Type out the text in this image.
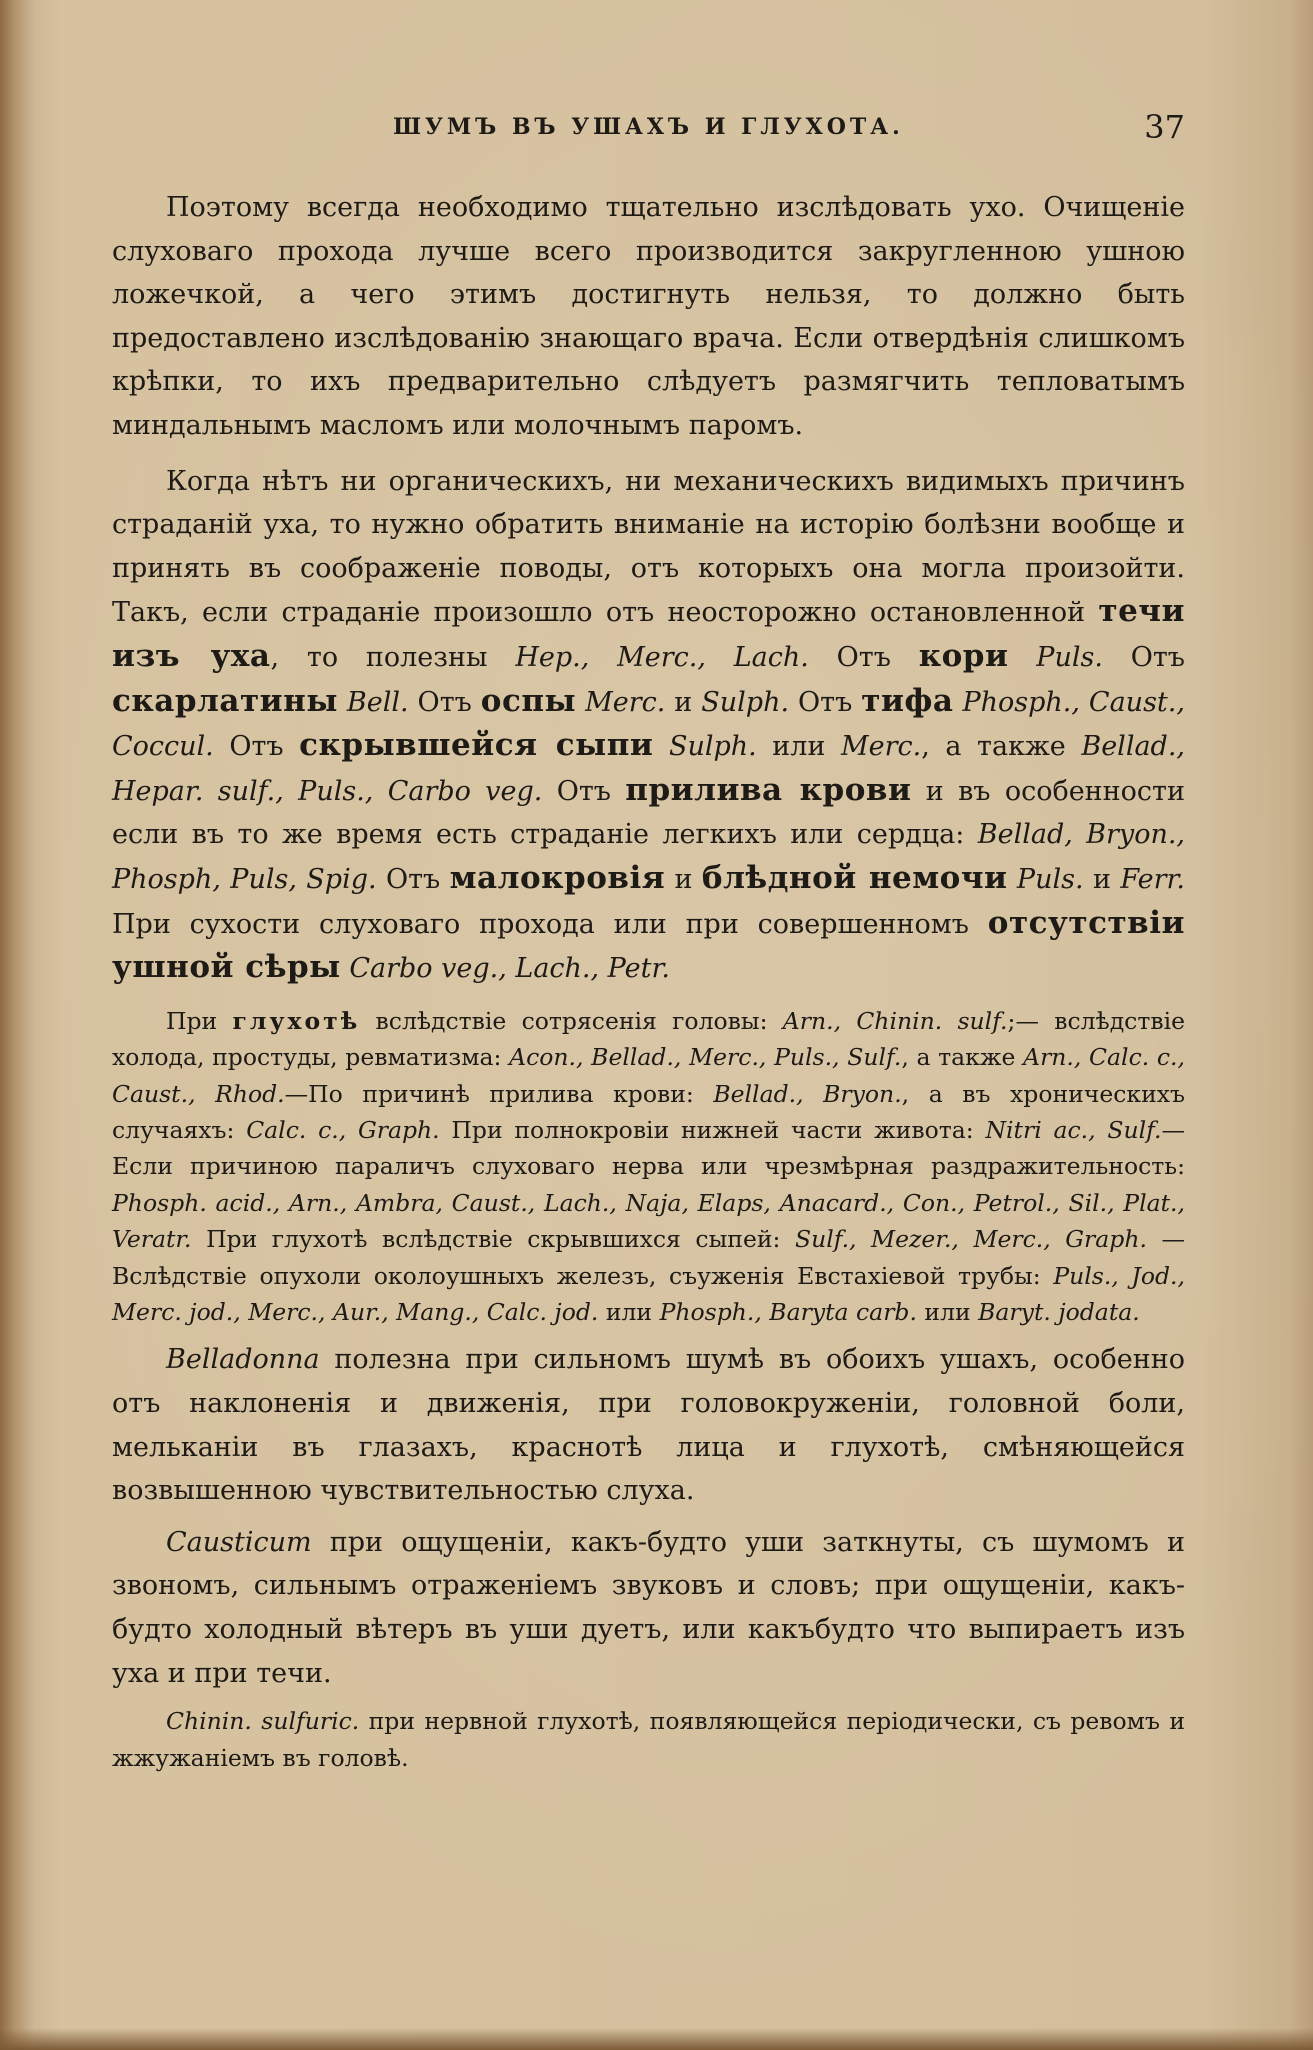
ШУМЪ ВЪ УШАХЪ И ГЛУХОТА.	37

Поэтому всегда необходимо тщательно изслѣдовать ухо. Очищеніе слуховаго прохода лучше всего производится закругленною ушною ложечкой, а чего этимъ достигнуть нельзя, то должно быть предоставлено изслѣдованію знающаго врача. Если отвердѣнія слишкомъ крѣпки, то ихъ предварительно слѣдуетъ размягчить тепловатымъ миндальнымъ масломъ или молочнымъ паромъ.

Когда нѣтъ ни органическихъ, ни механическихъ видимыхъ причинъ страданій уха, то нужно обратить вниманіе на исторію болѣзни вообще и принять въ соображеніе поводы, отъ которыхъ она могла произойти. Такъ, если страданіе произошло отъ неосторожно остановленной течи изъ уха, то полезны Hep., Merc., Lach. Отъ кори Puls. Отъ скарлатины Bell. Отъ оспы Merc. и Sulph. Отъ тифа Phosph., Caust., Coccul. Отъ скрывшейся сыпи Sulph. или Merc., а также Bellad., Hepar. sulf., Puls., Carbo veg. Отъ прилива крови и въ особенности если въ то же время есть страданіе легкихъ или сердца: Bellad, Bryon., Phosph, Puls, Spig. Отъ малокровія и блѣдной немочи Puls. и Ferr. При сухости слуховаго прохода или при совершенномъ отсутствіи ушной сѣры Carbo veg., Lach., Petr.

При глухотѣ вслѣдствіе сотрясенія головы: Arn., Chinin. sulf.;— вслѣдствіе холода, простуды, ревматизма: Acon., Bellad., Merc., Puls., Sulf., а также Arn., Calc. c., Caust., Rhod.—По причинѣ прилива крови: Bellad., Bryon., а въ хроническихъ случаяхъ: Calc. c., Graph. При полнокровіи нижней части живота: Nitri ac., Sulf.—Если причиною параличъ слуховаго нерва или чрезмѣрная раздражительность: Phosph. acid., Arn., Ambra, Caust., Lach., Naja, Elaps, Anacard., Con., Petrol., Sil., Plat., Veratr. При глухотѣ вслѣдствіе скрывшихся сыпей: Sulf., Mezer., Merc., Graph. — Вслѣдствіе опухоли околоушныхъ железъ, съуженія Евстахіевой трубы: Puls., Jod., Merc. jod., Merc., Aur., Mang., Calc. jod. или Phosph., Baryta carb. или Baryt. jodata.

Belladonna полезна при сильномъ шумѣ въ обоихъ ушахъ, особенно отъ наклоненія и движенія, при головокруженіи, головной боли, мельканіи въ глазахъ, краснотѣ лица и глухотѣ, смѣняющейся возвышенною чувствительностью слуха.

Causticum при ощущеніи, какъ-будто уши заткнуты, съ шумомъ и звономъ, сильнымъ отраженіемъ звуковъ и словъ; при ощущеніи, какъ-будто холодный вѣтеръ въ уши дуетъ, или какъбудто что выпираетъ изъ уха и при течи.

Chinin. sulfuric. при нервной глухотѣ, появляющейся періодически, съ ревомъ и жжужаніемъ въ головѣ.
